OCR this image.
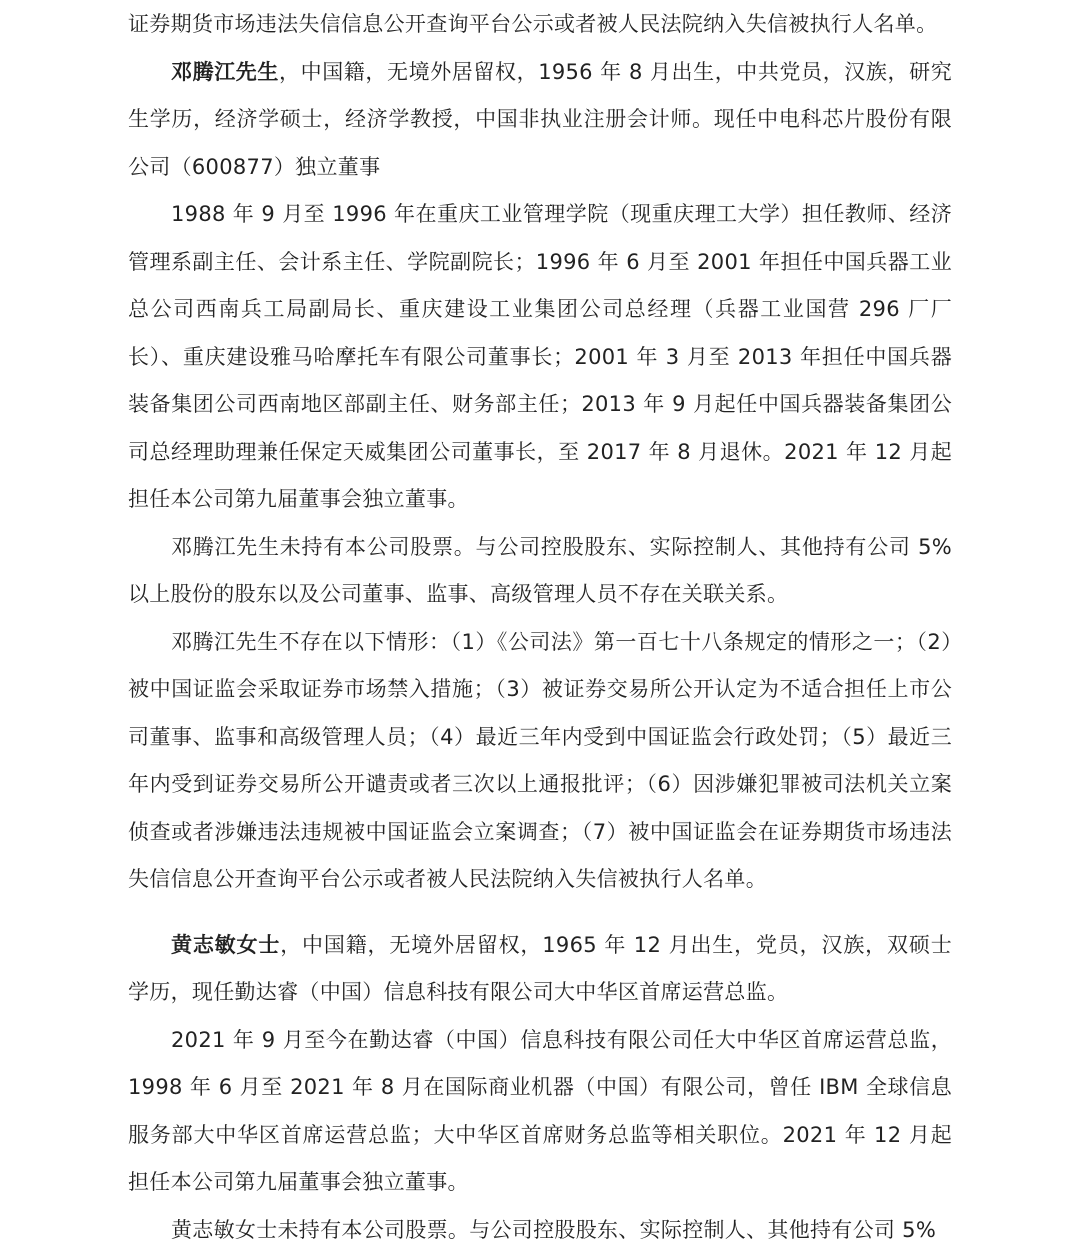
证券期货市场违法失信信息公开查询平台公示或者被人民法院纳入失信被执行人名单。

邓腾江先生，中国籍，无境外居留权，1956 年 8 月出生，中共党员，汉族，研究生学历，经济学硕士，经济学教授，中国非执业注册会计师。现任中电科芯片股份有限公司（600877）独立董事

1988 年 9 月至 1996 年在重庆工业管理学院（现重庆理工大学）担任教师、经济管理系副主任、会计系主任、学院副院长；1996 年 6 月至 2001 年担任中国兵器工业总公司西南兵工局副局长、重庆建设工业集团公司总经理（兵器工业国营 296 厂厂长）、重庆建设雅马哈摩托车有限公司董事长；2001 年 3 月至 2013 年担任中国兵器装备集团公司西南地区部副主任、财务部主任；2013 年 9 月起任中国兵器装备集团公司总经理助理兼任保定天威集团公司董事长，至 2017 年 8 月退休。2021 年 12 月起担任本公司第九届董事会独立董事。

邓腾江先生未持有本公司股票。与公司控股股东、实际控制人、其他持有公司 5%以上股份的股东以及公司董事、监事、高级管理人员不存在关联关系。

邓腾江先生不存在以下情形：（1）《公司法》第一百七十八条规定的情形之一；（2）被中国证监会采取证券市场禁入措施；（3）被证券交易所公开认定为不适合担任上市公司董事、监事和高级管理人员；（4）最近三年内受到中国证监会行政处罚；（5）最近三年内受到证券交易所公开谴责或者三次以上通报批评；（6）因涉嫌犯罪被司法机关立案侦查或者涉嫌违法违规被中国证监会立案调查；（7）被中国证监会在证券期货市场违法失信信息公开查询平台公示或者被人民法院纳入失信被执行人名单。

黄志敏女士，中国籍，无境外居留权，1965 年 12 月出生，党员，汉族，双硕士学历，现任勤达睿（中国）信息科技有限公司大中华区首席运营总监。

2021 年 9 月至今在勤达睿（中国）信息科技有限公司任大中华区首席运营总监，1998 年 6 月至 2021 年 8 月在国际商业机器（中国）有限公司，曾任 IBM 全球信息服务部大中华区首席运营总监；大中华区首席财务总监等相关职位。2021 年 12 月起担任本公司第九届董事会独立董事。

黄志敏女士未持有本公司股票。与公司控股股东、实际控制人、其他持有公司 5%
